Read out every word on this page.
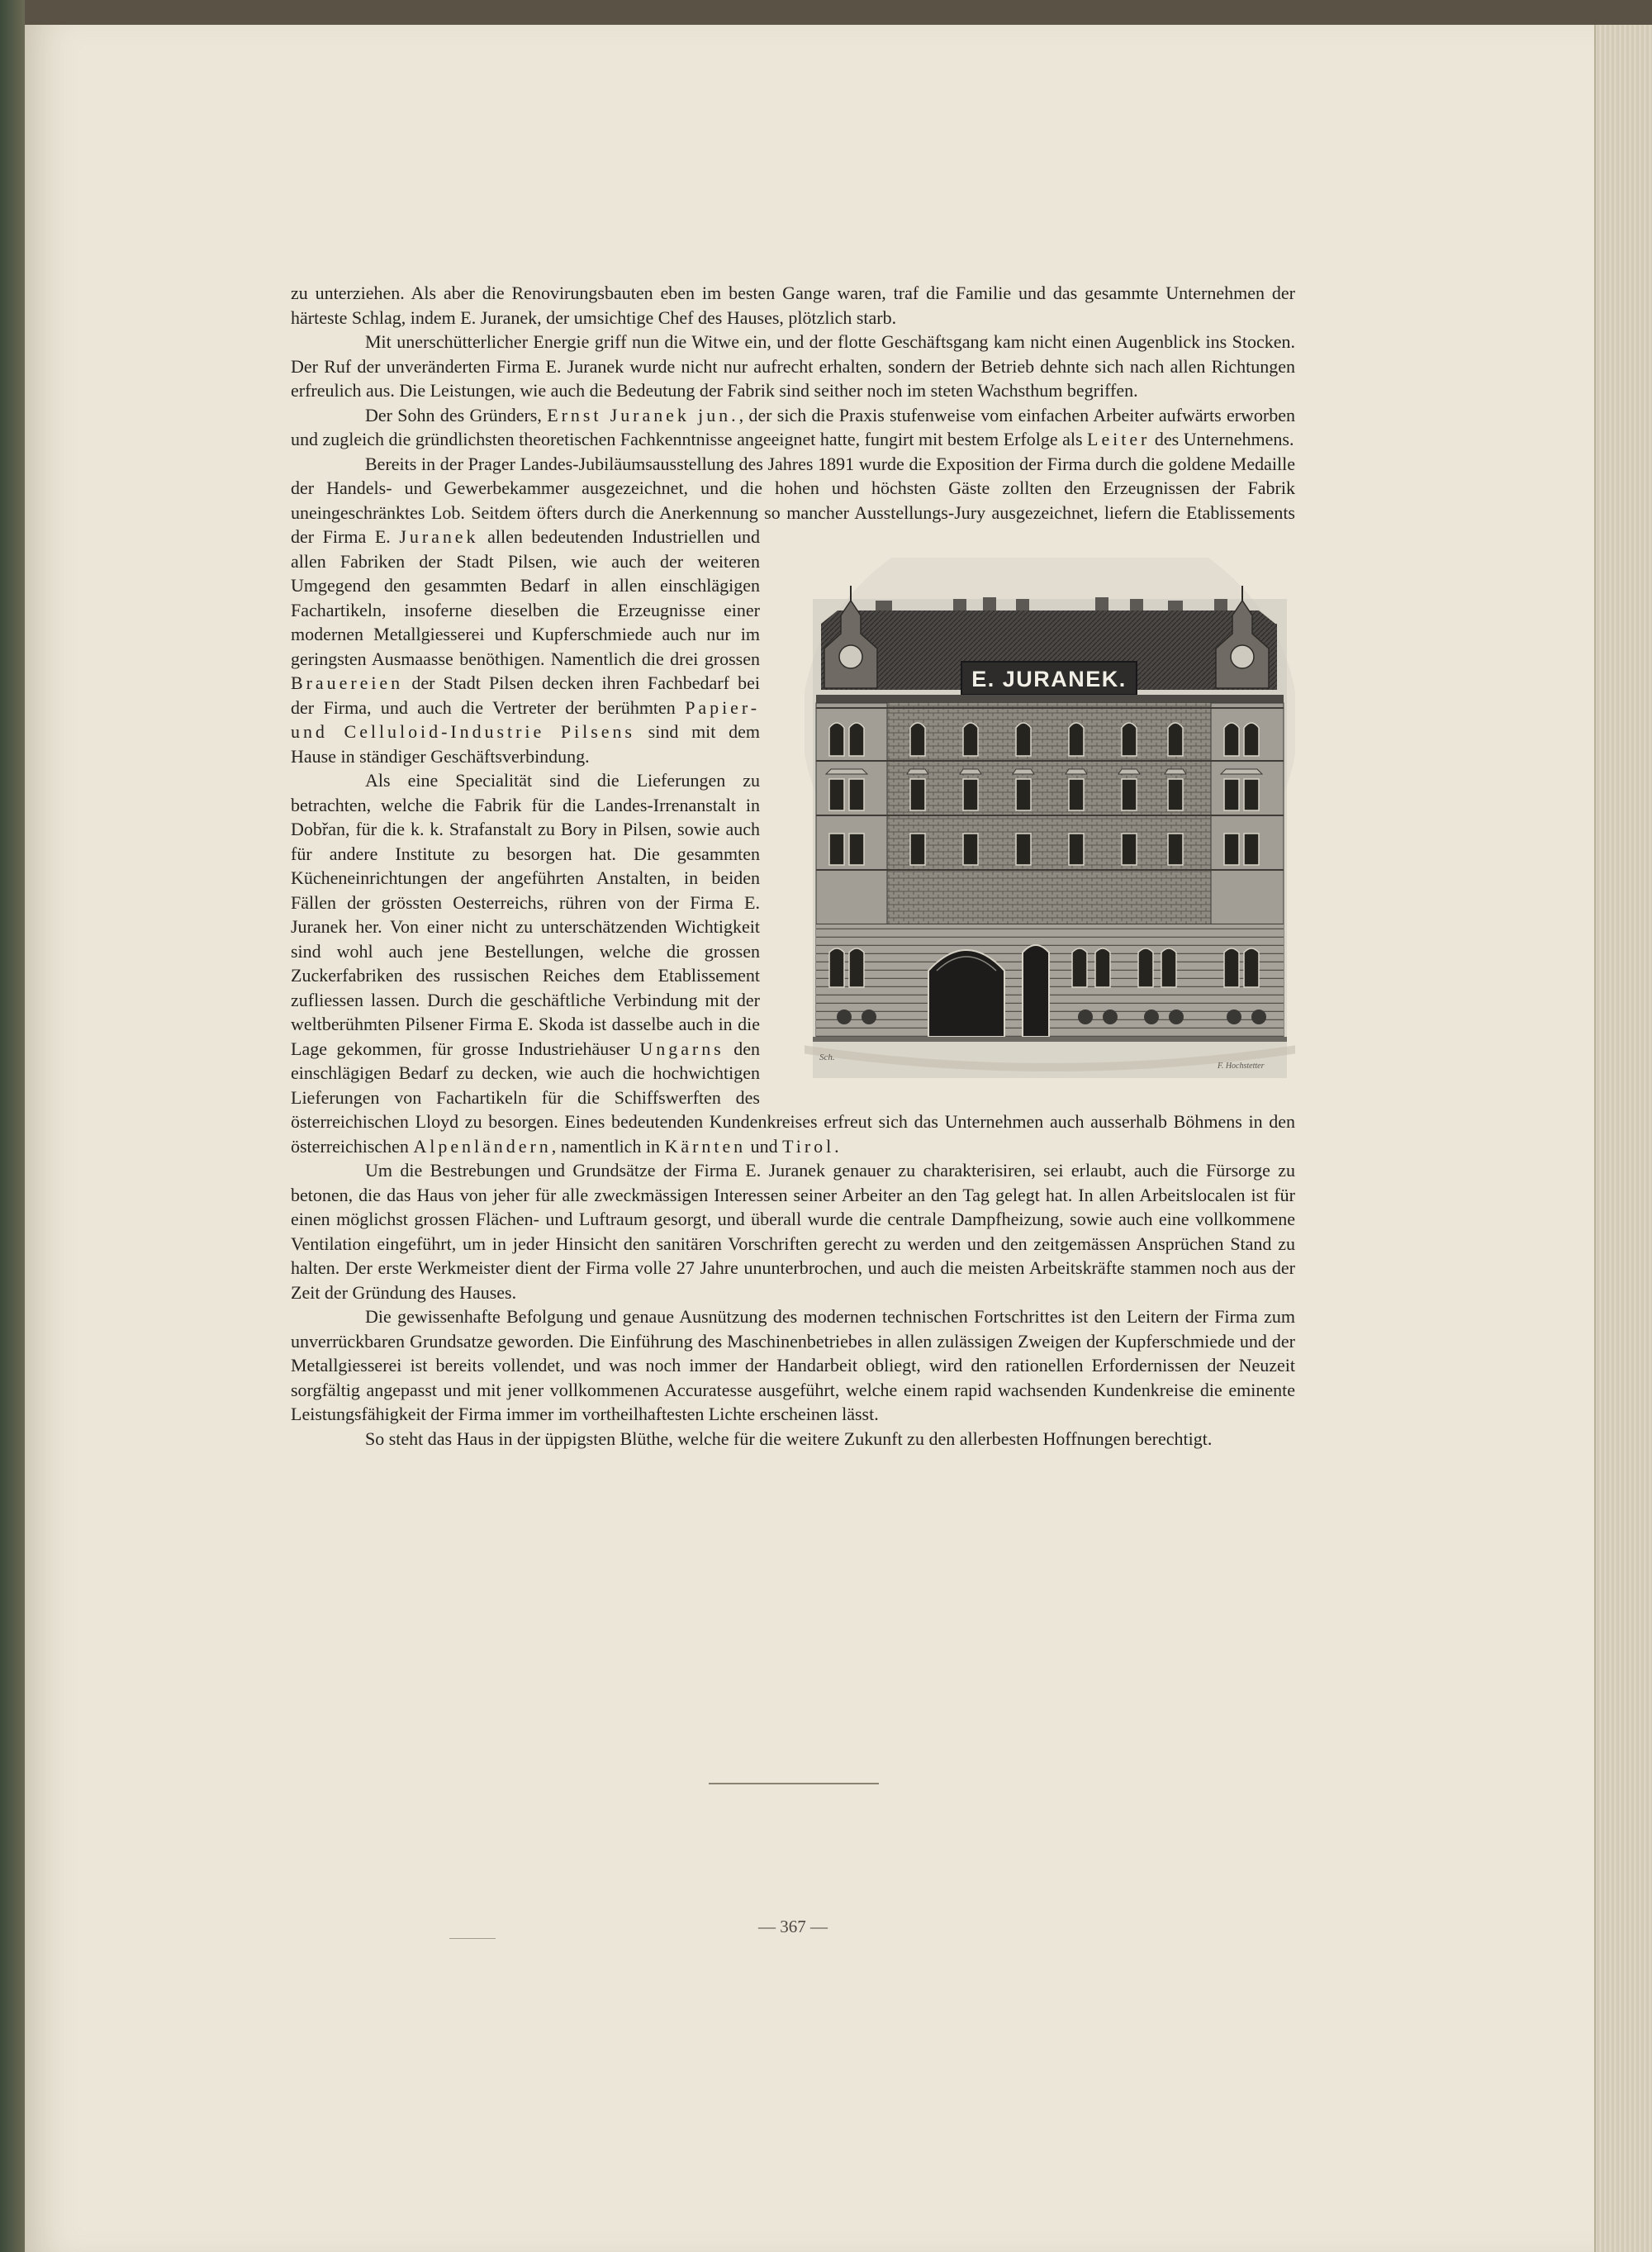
zu unterziehen. Als aber die Renovirungsbauten eben im besten Gange waren, traf die Familie und das gesammte Unternehmen der härteste Schlag, indem E. Juranek, der umsichtige Chef des Hauses, plötzlich starb.

Mit unerschütterlicher Energie griff nun die Witwe ein, und der flotte Geschäftsgang kam nicht einen Augenblick ins Stocken. Der Ruf der unveränderten Firma E. Juranek wurde nicht nur aufrecht erhalten, sondern der Betrieb dehnte sich nach allen Richtungen erfreulich aus. Die Leistungen, wie auch die Bedeutung der Fabrik sind seither noch im steten Wachsthum begriffen.

Der Sohn des Gründers, Ernst Juranek jun., der sich die Praxis stufenweise vom einfachen Arbeiter aufwärts erworben und zugleich die gründlichsten theoretischen Fachkenntnisse angeeignet hatte, fungirt mit bestem Erfolge als Leiter des Unternehmens.

Bereits in der Prager Landes-Jubiläumsausstellung des Jahres 1891 wurde die Exposition der Firma durch die goldene Medaille der Handels- und Gewerbekammer ausgezeichnet, und die hohen und höchsten Gäste zollten den Erzeugnissen der Fabrik uneingeschränktes Lob. Seitdem öfters durch die Anerkennung so mancher Ausstellungs-Jury ausgezeichnet, liefern die Etablissements der Firma E. Juranek
E. JURANEK.
Sch.
F. Hochstetter
allen bedeutenden Industriellen und allen Fabriken der Stadt Pilsen, wie auch der weiteren Umgegend den gesammten Bedarf in allen einschlägigen Fachartikeln, insoferne dieselben die Erzeugnisse einer modernen Metallgiesserei und Kupferschmiede auch nur im geringsten Ausmaasse benöthigen. Namentlich die drei grossen Brauereien der Stadt Pilsen decken ihren Fachbedarf bei der Firma, und auch die Vertreter der berühmten Papier- und Celluloid-Industrie Pilsens sind mit dem Hause in ständiger Geschäftsverbindung.

Als eine Specialität sind die Lieferungen zu betrachten, welche die Fabrik für die Landes-Irrenanstalt in Dobřan, für die k. k. Strafanstalt zu Bory in Pilsen, sowie auch für andere Institute zu besorgen hat. Die gesammten Kücheneinrichtungen der angeführten Anstalten, in beiden Fällen der grössten Oesterreichs, rühren von der Firma E. Juranek her. Von einer nicht zu unterschätzenden Wichtigkeit sind wohl auch jene Bestellungen, welche die grossen Zuckerfabriken des russischen Reiches dem Etablissement zufliessen lassen. Durch die geschäftliche Verbindung mit der weltberühmten Pilsener Firma E. Skoda ist dasselbe auch in die Lage gekommen, für grosse Industriehäuser Ungarns den einschlägigen Bedarf zu decken, wie auch die hochwichtigen Lieferungen von Fachartikeln für die Schiffswerften des österreichischen Lloyd zu besorgen. Eines bedeutenden Kundenkreises erfreut sich das Unternehmen auch ausserhalb Böhmens in den österreichischen Alpenländern, namentlich in Kärnten und Tirol.

Um die Bestrebungen und Grundsätze der Firma E. Juranek genauer zu charakterisiren, sei erlaubt, auch die Fürsorge zu betonen, die das Haus von jeher für alle zweckmässigen Interessen seiner Arbeiter an den Tag gelegt hat. In allen Arbeitslocalen ist für einen möglichst grossen Flächen- und Luftraum gesorgt, und überall wurde die centrale Dampfheizung, sowie auch eine vollkommene Ventilation eingeführt, um in jeder Hinsicht den sanitären Vorschriften gerecht zu werden und den zeitgemässen Ansprüchen Stand zu halten. Der erste Werkmeister dient der Firma volle 27 Jahre ununterbrochen, und auch die meisten Arbeitskräfte stammen noch aus der Zeit der Gründung des Hauses.

Die gewissenhafte Befolgung und genaue Ausnützung des modernen technischen Fortschrittes ist den Leitern der Firma zum unverrückbaren Grundsatze geworden. Die Einführung des Maschinenbetriebes in allen zulässigen Zweigen der Kupferschmiede und der Metallgiesserei ist bereits vollendet, und was noch immer der Handarbeit obliegt, wird den rationellen Erfordernissen der Neuzeit sorgfältig angepasst und mit jener vollkommenen Accuratesse ausgeführt, welche einem rapid wachsenden Kundenkreise die eminente Leistungsfähigkeit der Firma immer im vortheilhaftesten Lichte erscheinen lässt.

So steht das Haus in der üppigsten Blüthe, welche für die weitere Zukunft zu den allerbesten Hoffnungen berechtigt.

— 367 —
